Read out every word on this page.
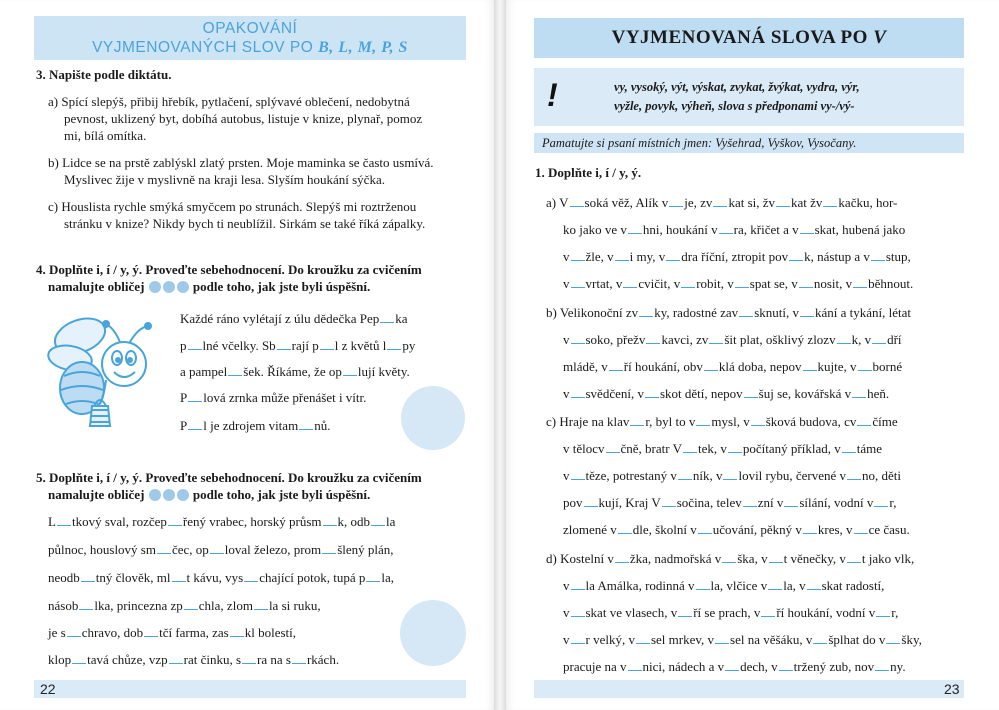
OPAKOVÁNÍ
VYJMENOVANÝCH SLOV PO B, L, M, P, S
3. Napište podle diktátu.
a) Spící slepýš, přibij hřebík, pytlačení, splývavé oblečení, nedobytná
pevnost, uklizený byt, dobíhá autobus, listuje v knize, plynař, pomoz
mi, bílá omítka.
b) Lidce se na prstě zablýskl zlatý prsten. Moje maminka se často usmívá.
Myslivec žije v myslivně na kraji lesa. Slyším houkání sýčka.
c) Houslista rychle smýká smyčcem po strunách. Slepýš mi roztrženou
stránku v knize? Nikdy bych ti neublížil. Sirkám se také říká zápalky.
4. Doplňte i, í / y, ý. Proveďte sebehodnocení. Do kroužku za cvičením
namalujte obličej	podle toho, jak jste byli úspěšní.
Každé ráno vylétají z úlu dědečka Pep ka
p lné včelky. Sb rají p l z květů l py
a pampel šek. Říkáme, že op lují květy.
P lová zrnka může přenášet i vítr.
P l je zdrojem vitam nů.
5. Doplňte i, í / y, ý. Proveďte sebehodnocení. Do kroužku za cvičením
namalujte obličej	podle toho, jak jste byli úspěšní.
L tkový sval, rozčep řený vrabec, horský průsm k, odb la
půlnoc, houslový sm čec, op loval železo, prom šlený plán,
neodb tný člověk, ml t kávu, vys chající potok, tupá p la,
násob lka, princezna zp chla, zlom la si ruku,
je s chravo, dob tčí farma, zas kl bolestí,
klop tavá chůze, vzp rat činku, s ra na s rkách.
22
VYJMENOVANÁ SLOVA PO V
!	vy, vysoký, výt, výskat, zvykat, žvýkat, vydra, výr,
vyžle, povyk, výheň, slova s předponami vy-/vý-
Pamatujte si psaní místních jmen: Vyšehrad, Vyškov, Vysočany.
1. Doplňte i, í / y, ý.
a) V soká věž, Alík v je, zv kat si, žv kat žv kačku, hor-
ko jako ve v hni, houkání v ra, křičet a v skat, hubená jako
v žle, v i my, v dra říční, ztropit pov k, nástup a v stup,
v vrtat, v cvičit, v robit, v spat se, v nosit, v běhnout.
b) Velikonoční zv ky, radostné zav sknutí, v kání a tykání, létat
v soko, přežv kavci, zv šit plat, ošklivý zlozv k, v dří
mládě, v ří houkání, obv klá doba, nepov kujte, v borné
v svědčení, v skot dětí, nepov šuj se, kovářská v heň.
c) Hraje na klav r, byl to v mysl, v šková budova, cv číme
v tělocv čně, bratr V tek, v počítaný příklad, v táme
v těze, potrestaný v ník, v lovil rybu, červené v no, děti
pov kují, Kraj V sočina, telev zní v sílání, vodní v r,
zlomené v dle, školní v učování, pěkný v kres, v ce času.
d) Kostelní v žka, nadmořská v ška, v t věnečky, v t jako vlk,
v la Amálka, rodinná v la, vlčice v la, v skat radostí,
v skat ve vlasech, v ří se prach, v ří houkání, vodní v r,
v r velký, v sel mrkev, v sel na věšáku, v šplhat do v šky,
pracuje na v nici, nádech a v dech, v tržený zub, nov ny.
23
